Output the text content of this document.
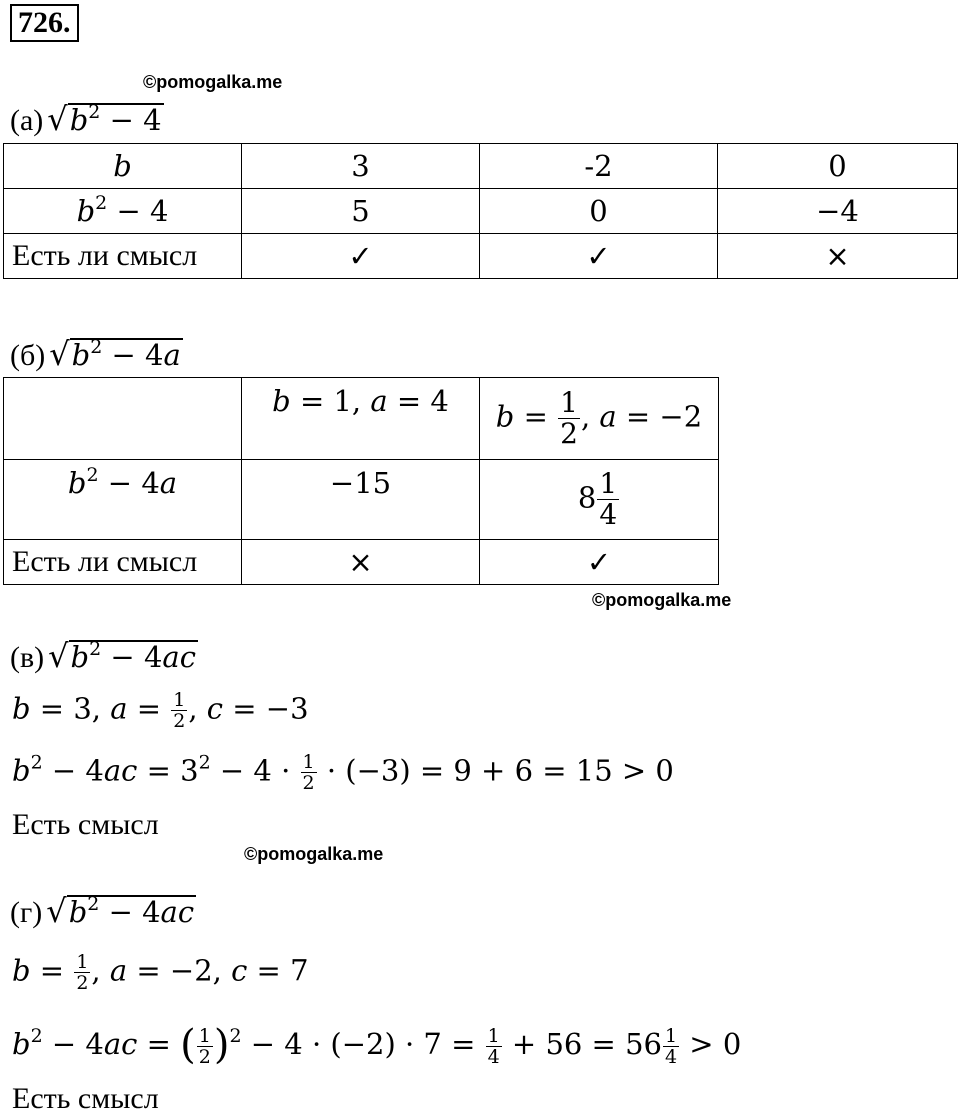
726.
©pomogalka.me
(а) $√b^2 - 4$
b	3	-2	0
$b^2 - 4$	5	0	−4
Есть ли смысл	✓	✓	×
(б) $√b^2 - 4a$
	b = 1, a = 4	$b = \frac{1}{2}$ , a = −2
$b^2 - 4a$	−15	$8 \frac{1}{4}$

Есть ли смысл	×	✓
©pomogalka.me
(в) $√b^2 - 4ac$
b = 3, $a = \frac{1}{2}$ , c = −3
$b^2 - 4ac = 3^2 - 4 \cdot \frac{1}{2} \cdot (-3) = 9 + 6 = 15 > 0$
Есть смысл
©pomogalka.me
(г) $√b^2 - 4ac$
$b = \frac{1}{2}$ , a = −2, c = 7
$b^2 - 4ac$ = ( $\frac{1}{2} )^2 - 4 \cdot (-2) \cdot 7 = \frac{1}{4} + 56 = 56 \frac{1}{4} > 0$
Есть смысл
